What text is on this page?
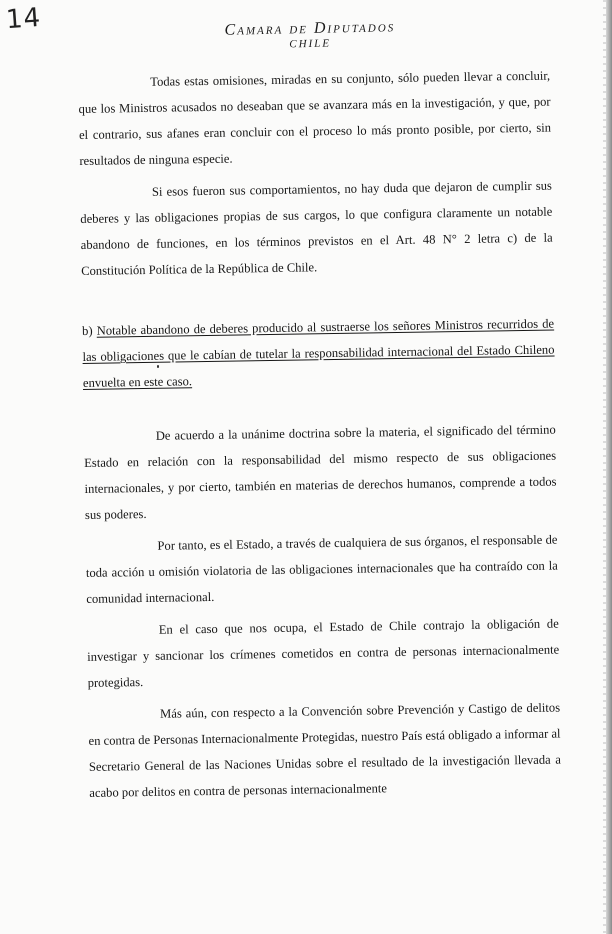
14	Camara de Diputados
CHILE

Todas estas omisiones, miradas en su conjunto, sólo pueden llevar a concluir, que los Ministros acusados no deseaban que se avanzara más en la investigación, y que, por el contrario, sus afanes eran concluir con el proceso lo más pronto posible, por cierto, sin resultados de ninguna especie.

Si esos fueron sus comportamientos, no hay duda que dejaron de cumplir sus deberes y las obligaciones propias de sus cargos, lo que configura claramente un notable abandono de funciones, en los términos previstos en el Art. 48 N° 2 letra c) de la Constitución Política de la República de Chile.

b) Notable abandono de deberes producido al sustraerse los señores Ministros recurridos de las obligaciones que le cabían de tutelar la responsabilidad internacional del Estado Chileno envuelta en este caso.

De acuerdo a la unánime doctrina sobre la materia, el significado del término Estado en relación con la responsabilidad del mismo respecto de sus obligaciones internacionales, y por cierto, también en materias de derechos humanos, comprende a todos sus poderes.

Por tanto, es el Estado, a través de cualquiera de sus órganos, el responsable de toda acción u omisión violatoria de las obligaciones internacionales que ha contraído con la comunidad internacional.

En el caso que nos ocupa, el Estado de Chile contrajo la obligación de investigar y sancionar los crímenes cometidos en contra de personas internacionalmente protegidas.

Más aún, con respecto a la Convención sobre Prevención y Castigo de delitos en contra de Personas Internacionalmente Protegidas, nuestro País está obligado a informar al Secretario General de las Naciones Unidas sobre el resultado de la investigación llevada a acabo por delitos en contra de personas internacionalmente
